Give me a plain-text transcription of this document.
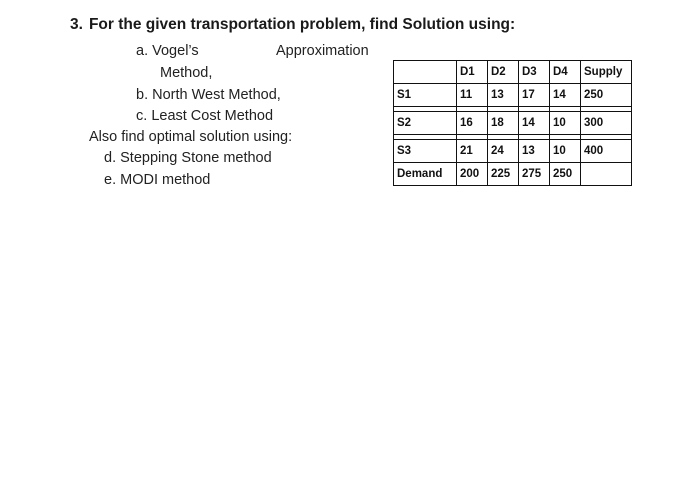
3. For the given transportation problem, find Solution using:
a. Vogel’s	Approximation
Method,
b. North West Method,
c. Least Cost Method
Also find optimal solution using:
d. Stepping Stone method
e. MODI method
	D1	D2	D3	D4	Supply
S1	11	13	17	14	250

S2	16	18	14	10	300

S3	21	24	13	10	400
Demand	200	225	275	250	
